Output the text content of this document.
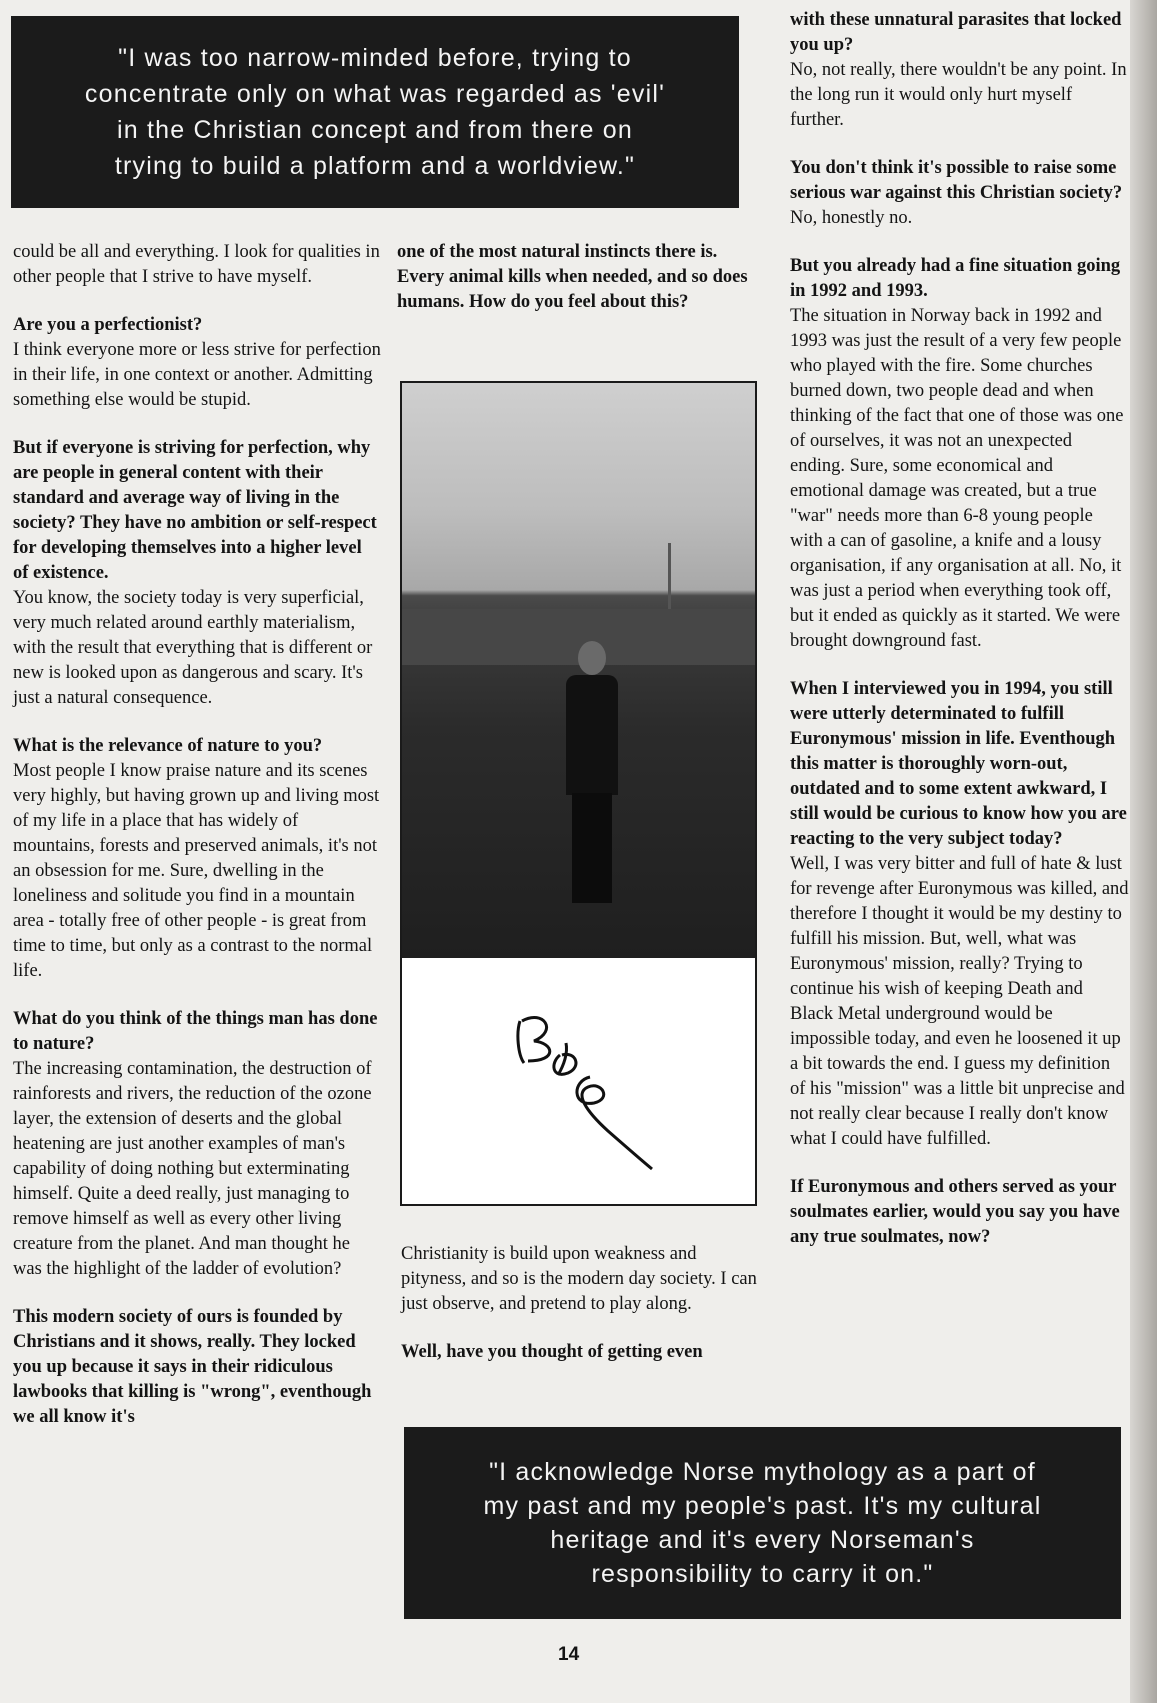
"I was too narrow-minded before, trying to
concentrate only on what was regarded as 'evil'
in the Christian concept and from there on
trying to build a platform and a worldview."

could be all and everything. I look for qualities in other people that I strive to have myself.

Are you a perfectionist?
I think everyone more or less strive for perfection in their life, in one context or another. Admitting something else would be stupid.

But if everyone is striving for perfection, why are people in general content with their standard and average way of living in the society? They have no ambition or self-respect for developing themselves into a higher level of existence.
You know, the society today is very superficial, very much related around earthly materialism, with the result that everything that is different or new is looked upon as dangerous and scary. It's just a natural consequence.

What is the relevance of nature to you?
Most people I know praise nature and its scenes very highly, but having grown up and living most of my life in a place that has widely of mountains, forests and preserved animals, it's not an obsession for me. Sure, dwelling in the loneliness and solitude you find in a mountain area - totally free of other people - is great from time to time, but only as a contrast to the normal life.

What do you think of the things man has done to nature?
The increasing contamination, the destruction of rainforests and rivers, the reduction of the ozone layer, the extension of deserts and the global heatening are just another examples of man's capability of doing nothing but exterminating himself. Quite a deed really, just managing to remove himself as well as every other living creature from the planet. And man thought he was the highlight of the ladder of evolution?

This modern society of ours is founded by Christians and it shows, really. They locked you up because it says in their ridiculous lawbooks that killing is "wrong", eventhough we all know it's

one of the most natural instincts there is. Every animal kills when needed, and so does humans. How do you feel about this?

Christianity is build upon weakness and pityness, and so is the modern day society. I can just observe, and pretend to play along.

Well, have you thought of getting even

with these unnatural parasites that locked you up?
No, not really, there wouldn't be any point. In the long run it would only hurt myself further.

You don't think it's possible to raise some serious war against this Christian society?
No, honestly no.

But you already had a fine situation going in 1992 and 1993.
The situation in Norway back in 1992 and 1993 was just the result of a very few people who played with the fire. Some churches burned down, two people dead and when thinking of the fact that one of those was one of ourselves, it was not an unexpected ending. Sure, some economical and emotional damage was created, but a true "war" needs more than 6-8 young people with a can of gasoline, a knife and a lousy organisation, if any organisation at all. No, it was just a period when everything took off, but it ended as quickly as it started. We were brought downground fast.

When I interviewed you in 1994, you still were utterly determinated to fulfill Euronymous' mission in life. Eventhough this matter is thoroughly worn-out, outdated and to some extent awkward, I still would be curious to know how you are reacting to the very subject today?
Well, I was very bitter and full of hate & lust for revenge after Euronymous was killed, and therefore I thought it would be my destiny to fulfill his mission. But, well, what was Euronymous' mission, really? Trying to continue his wish of keeping Death and Black Metal underground would be impossible today, and even he loosened it up a bit towards the end. I guess my definition of his "mission" was a little bit unprecise and not really clear because I really don't know what I could have fulfilled.

If Euronymous and others served as your soulmates earlier, would you say you have any true soulmates, now?

"I acknowledge Norse mythology as a part of
my past and my people's past. It's my cultural
heritage and it's every Norseman's
responsibility to carry it on."
14
